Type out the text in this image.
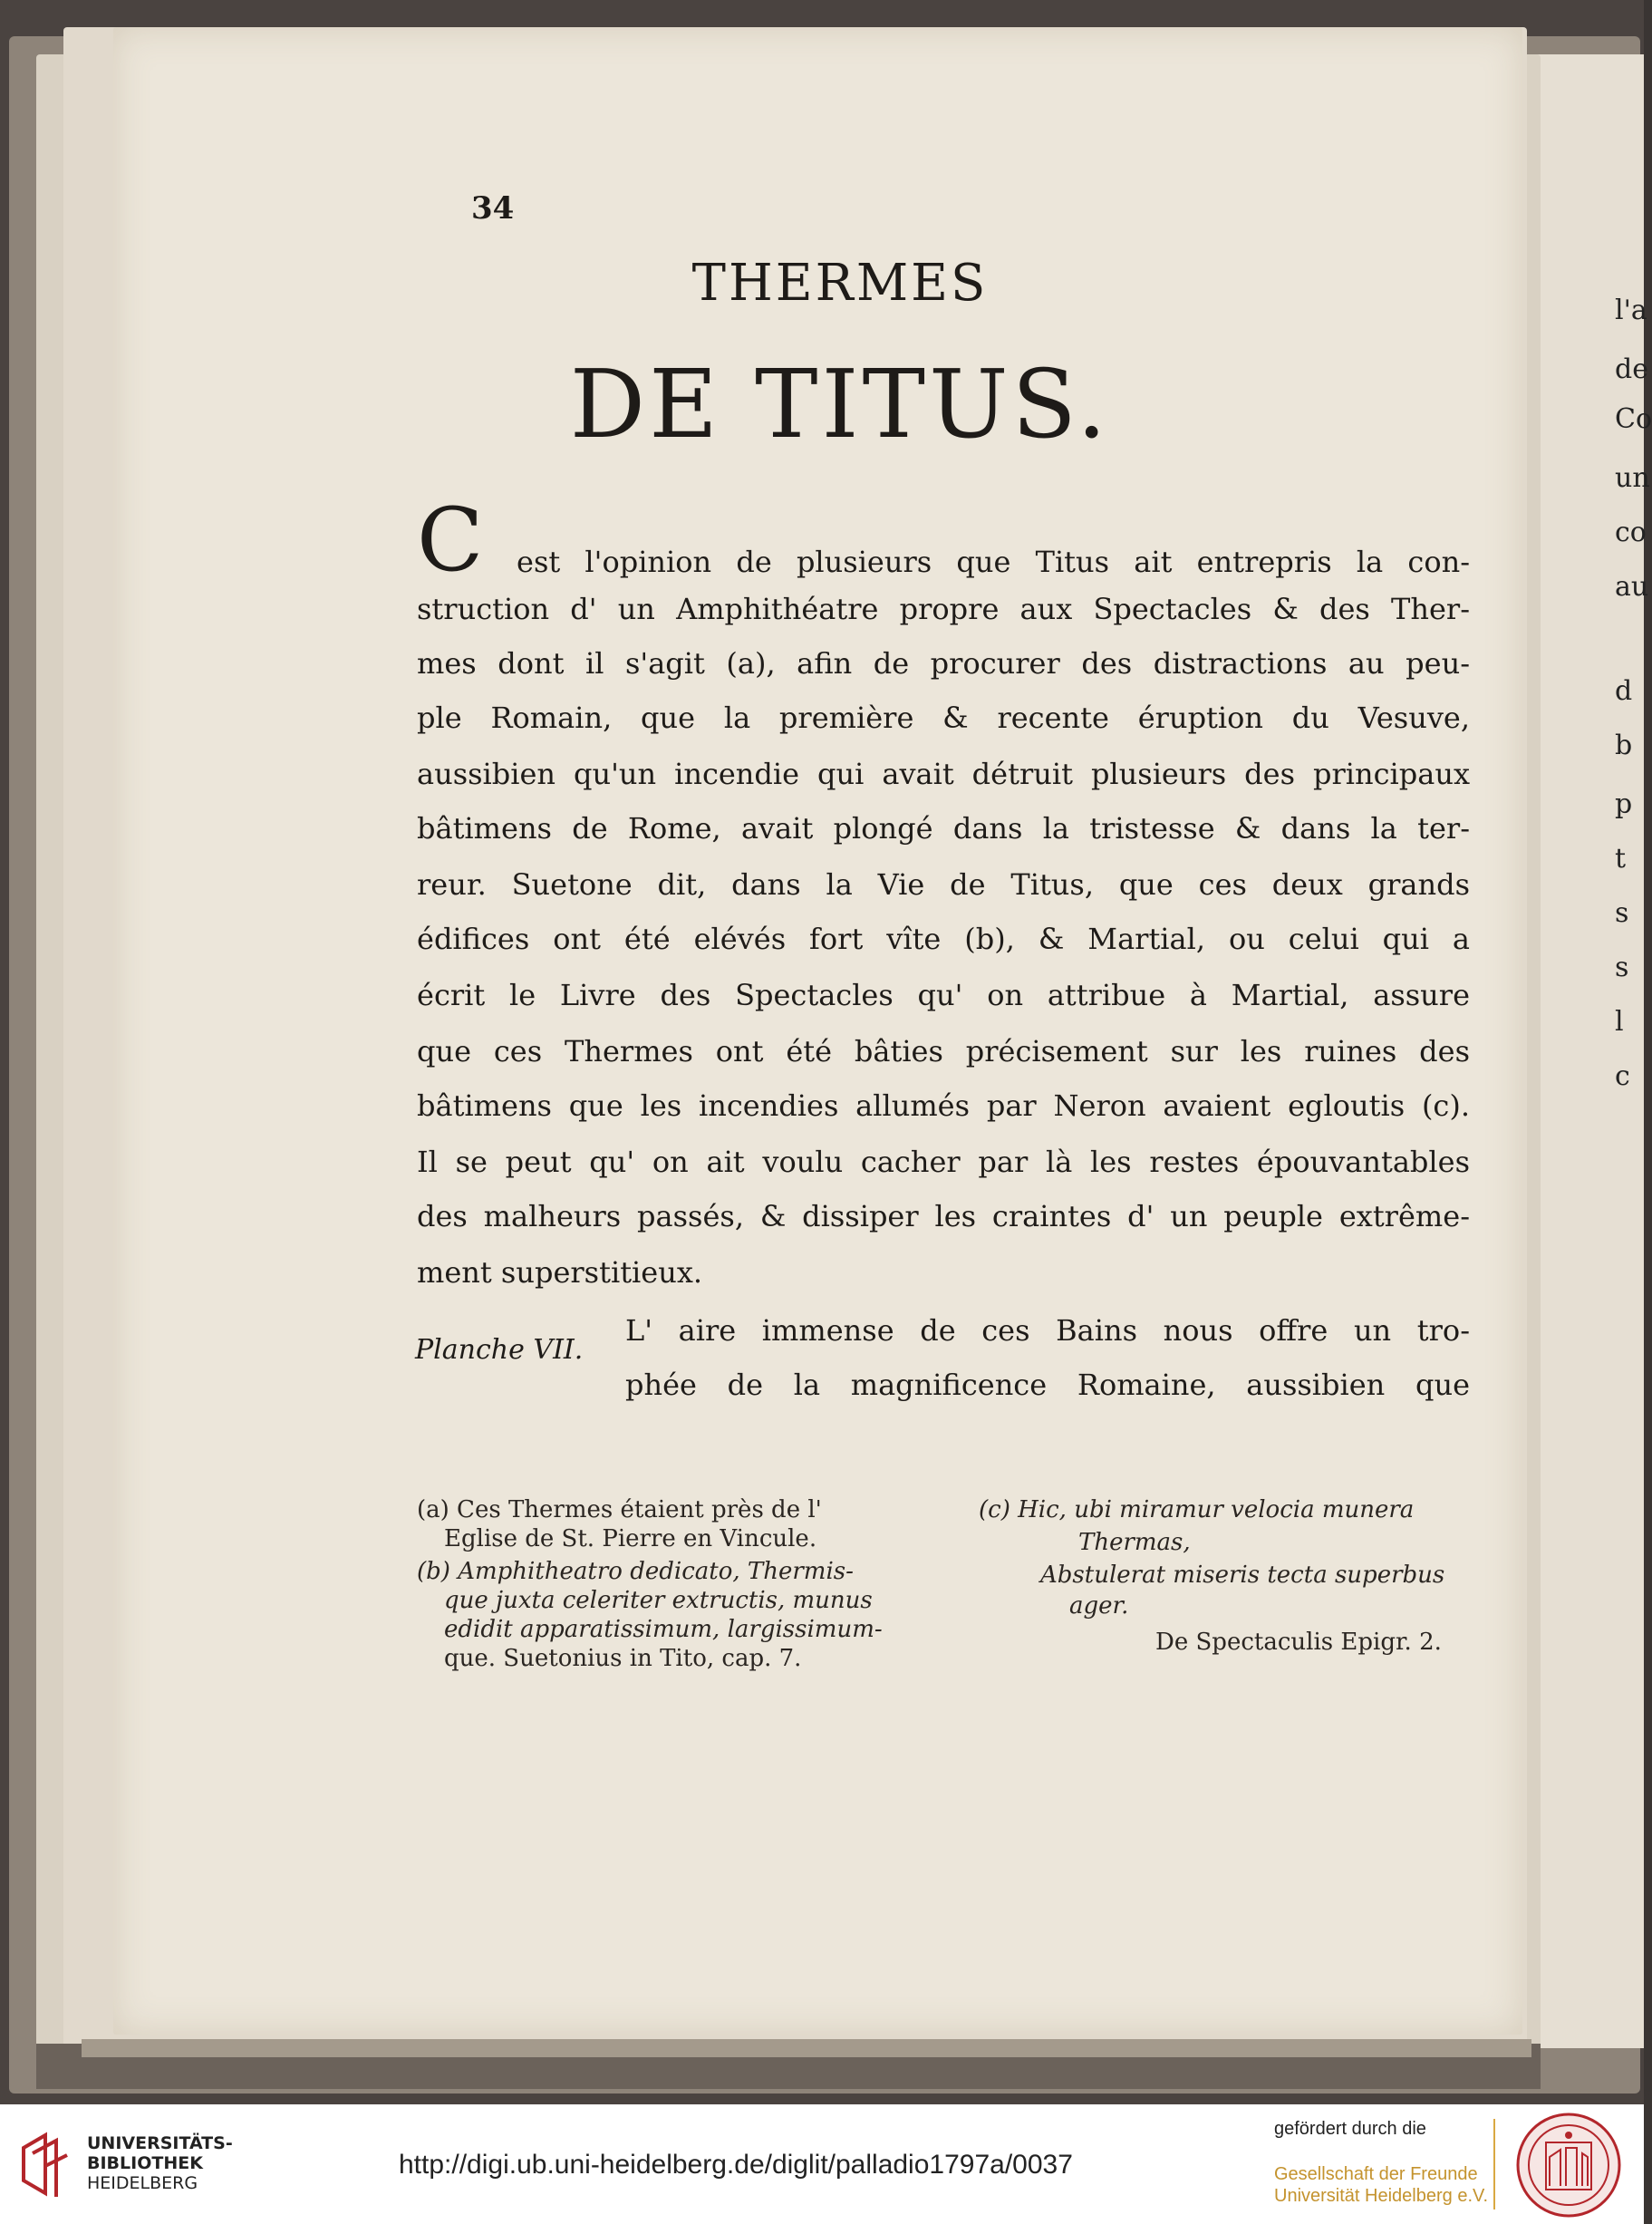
l'a
de
Co
un
co
au
d
b
p
t
s
s
l
c
34
THERMES
DE TITUS.
C est l'opinion de plusieurs que Titus ait entrepris la con-
struction d' un Amphithéatre propre aux Spectacles & des Ther-
mes dont il s'agit (a), afin de procurer des distractions au peu-
ple Romain, que la première & recente éruption du Vesuve,
aussibien qu'un incendie qui avait détruit plusieurs des principaux
bâtimens de Rome, avait plongé dans la tristesse & dans la ter-
reur. Suetone dit, dans la Vie de Titus, que ces deux grands
édifices ont été elévés fort vîte (b), & Martial, ou celui qui a
écrit le Livre des Spectacles qu' on attribue à Martial, assure
que ces Thermes ont été bâties précisement sur les ruines des
bâtimens que les incendies allumés par Neron avaient egloutis (c).
Il se peut qu' on ait voulu cacher par là les restes épouvantables
des malheurs passés, & dissiper les craintes d' un peuple extrême-
ment superstitieux.
Planche VII.
L' aire immense de ces Bains nous offre un tro-
phée de la magnificence Romaine, aussibien que
(a) Ces Thermes étaient près de l'
Eglise de St. Pierre en Vincule.
(b) Amphitheatro dedicato, Thermis-
que juxta celeriter extructis, munus
edidit apparatissimum, largissimum-
que. Suetonius in Tito, cap. 7.
(c) Hic, ubi miramur velocia munera
Thermas,
Abstulerat miseris tecta superbus
ager.
De Spectaculis Epigr. 2.
UNIVERSITÄTS-
BIBLIOTHEK
HEIDELBERG
http://digi.ub.uni-heidelberg.de/diglit/palladio1797a/0037
gefördert durch die
Gesellschaft der Freunde
Universität Heidelberg e.V.
